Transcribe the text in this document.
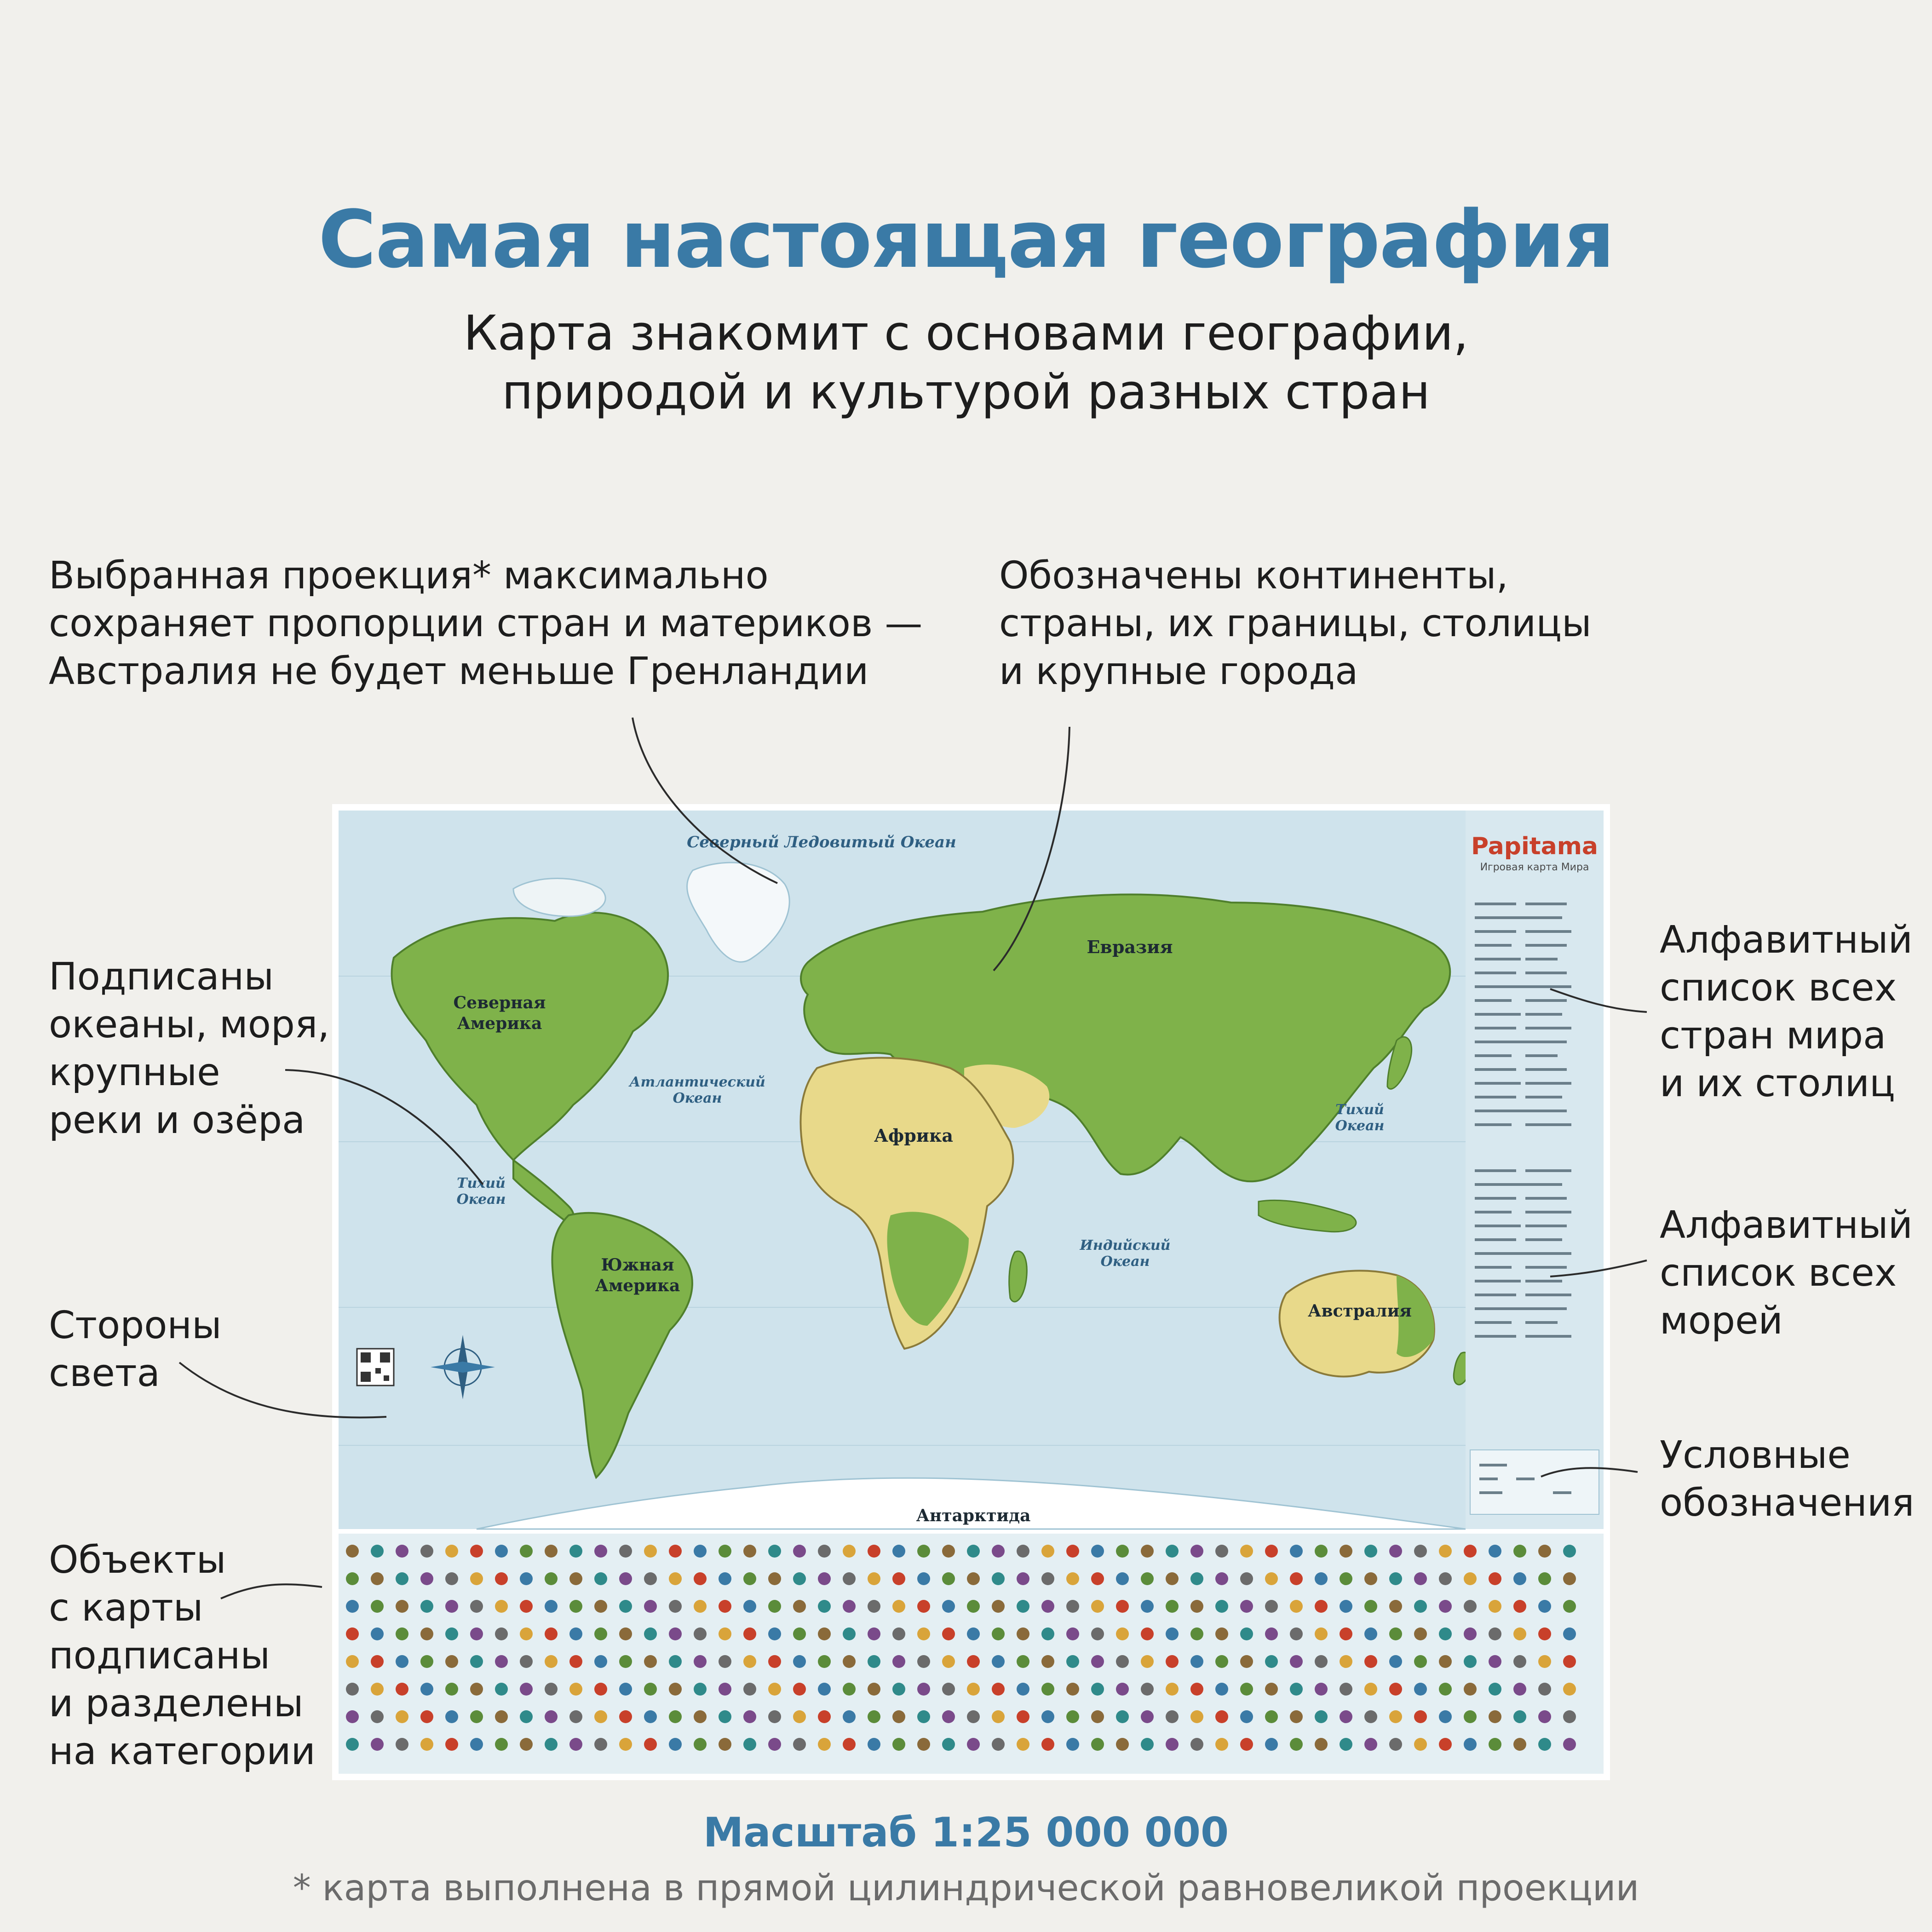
Самая настоящая география
Карта знакомит с основами географии,
природой и культурой разных стран
Выбранная проекция* максимально
сохраняет пропорции стран и материков —
Австралия не будет меньше Гренландии
Обозначены континенты,
страны, их границы, столицы
и крупные города
Подписаны
океаны, моря,
крупные
реки и озёра
Стороны
света
Объекты
с карты
подписаны
и разделены
на категории
Алфавитный
список всех
стран мира
и их столиц
Алфавитный
список всех
морей
Условные
обозначения
Papitama
Игровая карта Мира
Северный Ледовитый Океан
Атлантический
Океан
Тихий
Океан
Тихий
Океан
Индийский
Океан
Северная
Америка
Южная
Америка
Евразия
Африка
Австралия
Антарктида
Масштаб 1:25 000 000
* карта выполнена в прямой цилиндрической равновеликой проекции
